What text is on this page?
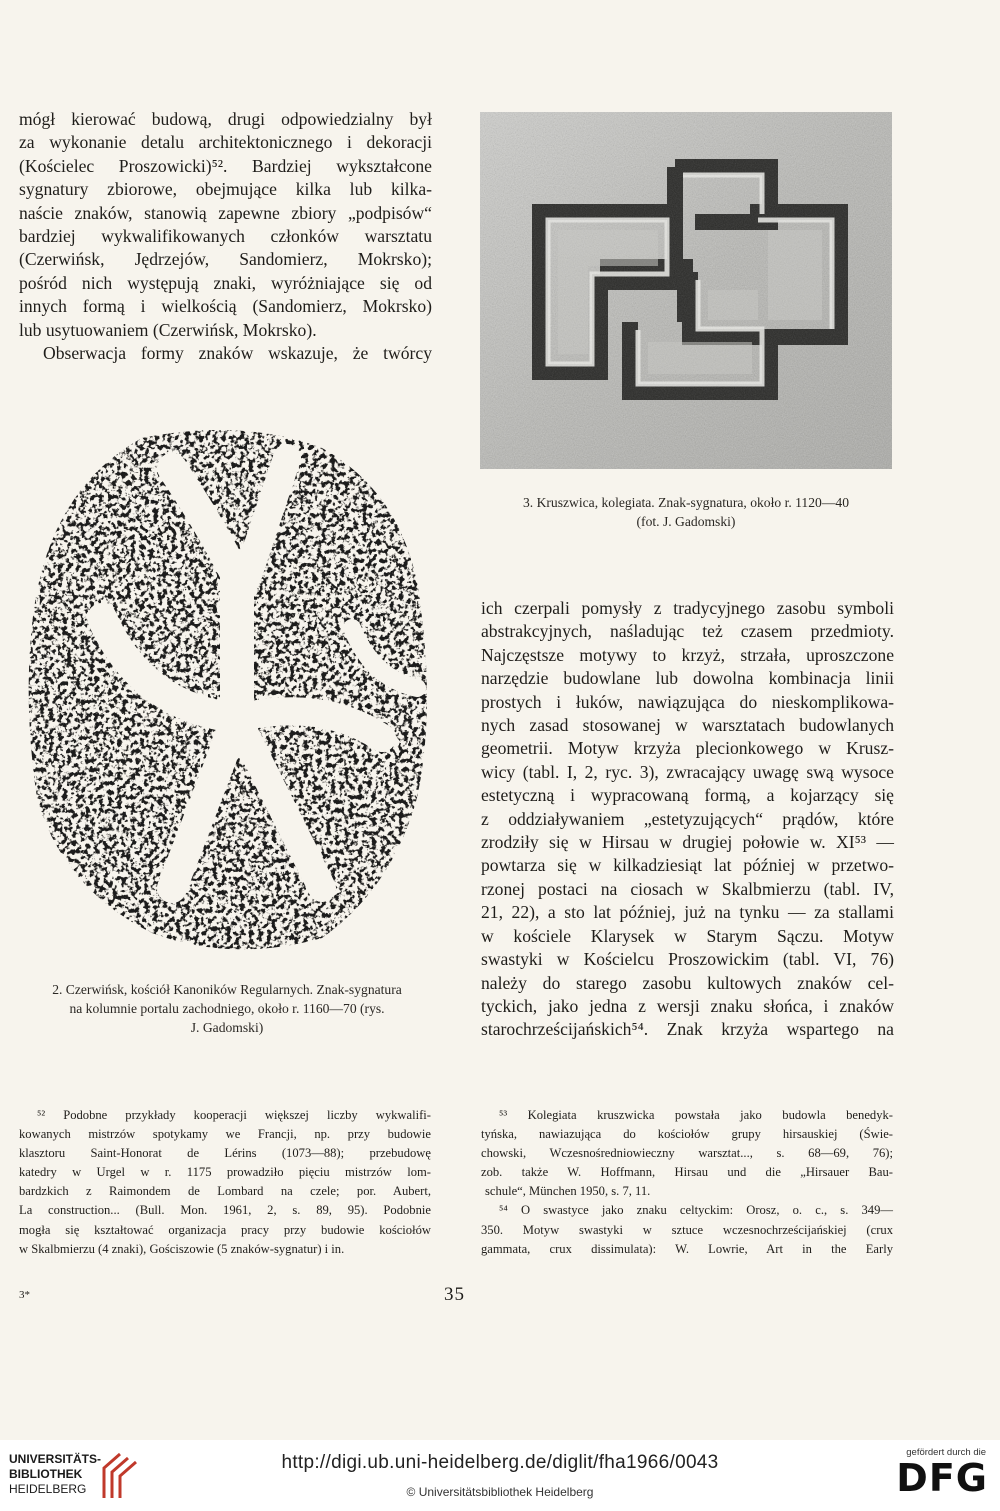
mógł kierować budową, drugi odpowiedzialny był
za wykonanie detalu architektonicznego i dekoracji
(Kościelec Proszowicki)⁵². Bardziej wykształcone
sygnatury zbiorowe, obejmujące kilka lub kilka-
naście znaków, stanowią zapewne zbiory „podpisów“
bardziej wykwalifikowanych członków warsztatu
(Czerwińsk, Jędrzejów, Sandomierz, Mokrsko);
pośród nich występują znaki, wyróżniające się od
innych formą i wielkością (Sandomierz, Mokrsko)
lub usytuowaniem (Czerwińsk, Mokrsko).
Obserwacja formy znaków wskazuje, że twórcy
3. Kruszwica, kolegiata. Znak-sygnatura, około r. 1120—40
(fot. J. Gadomski)
2. Czerwińsk, kościół Kanoników Regularnych. Znak-sygnatura
na kolumnie portalu zachodniego, około r. 1160—70 (rys.
J. Gadomski)
ich czerpali pomysły z tradycyjnego zasobu symboli
abstrakcyjnych, naśladując też czasem przedmioty.
Najczęstsze motywy to krzyż, strzała, uproszczone
narzędzie budowlane lub dowolna kombinacja linii
prostych i łuków, nawiązująca do nieskomplikowa-
nych zasad stosowanej w warsztatach budowlanych
geometrii. Motyw krzyża plecionkowego w Krusz-
wicy (tabl. I, 2, ryc. 3), zwracający uwagę swą wysoce
estetyczną i wypracowaną formą, a kojarzący się
z oddziaływaniem „estetyzujących“ prądów, które
zrodziły się w Hirsau w drugiej połowie w. XI⁵³ —
powtarza się w kilkadziesiąt lat później w przetwo-
rzonej postaci na ciosach w Skalbmierzu (tabl. IV,
21, 22), a sto lat później, już na tynku — za stallami
w kościele Klarysek w Starym Sączu. Motyw
swastyki w Kościelcu Proszowickim (tabl. VI, 76)
należy do starego zasobu kultowych znaków cel-
tyckich, jako jedna z wersji znaku słońca, i znaków
starochrześcijańskich⁵⁴. Znak krzyża wspartego na
⁵² Podobne przykłady kooperacji większej liczby wykwalifi-
kowanych mistrzów spotykamy we Francji, np. przy budowie
klasztoru Saint-Honorat de Lérins (1073—88); przebudowę
katedry w Urgel w r. 1175 prowadziło pięciu mistrzów lom-
bardzkich z Raimondem de Lombard na czele; por. Aubert,
La construction... (Bull. Mon. 1961, 2, s. 89, 95). Podobnie
mogła się kształtować organizacja pracy przy budowie kościołów
w Skalbmierzu (4 znaki), Gościszowie (5 znaków-sygnatur) i in.
⁵³ Kolegiata kruszwicka powstała jako budowla benedyk-
tyńska, nawiazująca do kościołów grupy hirsauskiej (Świe-
chowski, Wczesnośredniowieczny warsztat..., s. 68—69, 76);
zob. także W. Hoffmann, Hirsau und die „Hirsauer Bau-
schule“, München 1950, s. 7, 11.
⁵⁴ O swastyce jako znaku celtyckim: Orosz, o. c., s. 349—
350. Motyw swastyki w sztuce wczesnochrześcijańskiej (crux
gammata, crux dissimulata): W. Lowrie, Art in the Early
3*	35
UNIVERSITÄTS-
BIBLIOTHEK
HEIDELBERG
http://digi.ub.uni-heidelberg.de/diglit/fha1966/0043
© Universitätsbibliothek Heidelberg
gefördert durch die
DFG
